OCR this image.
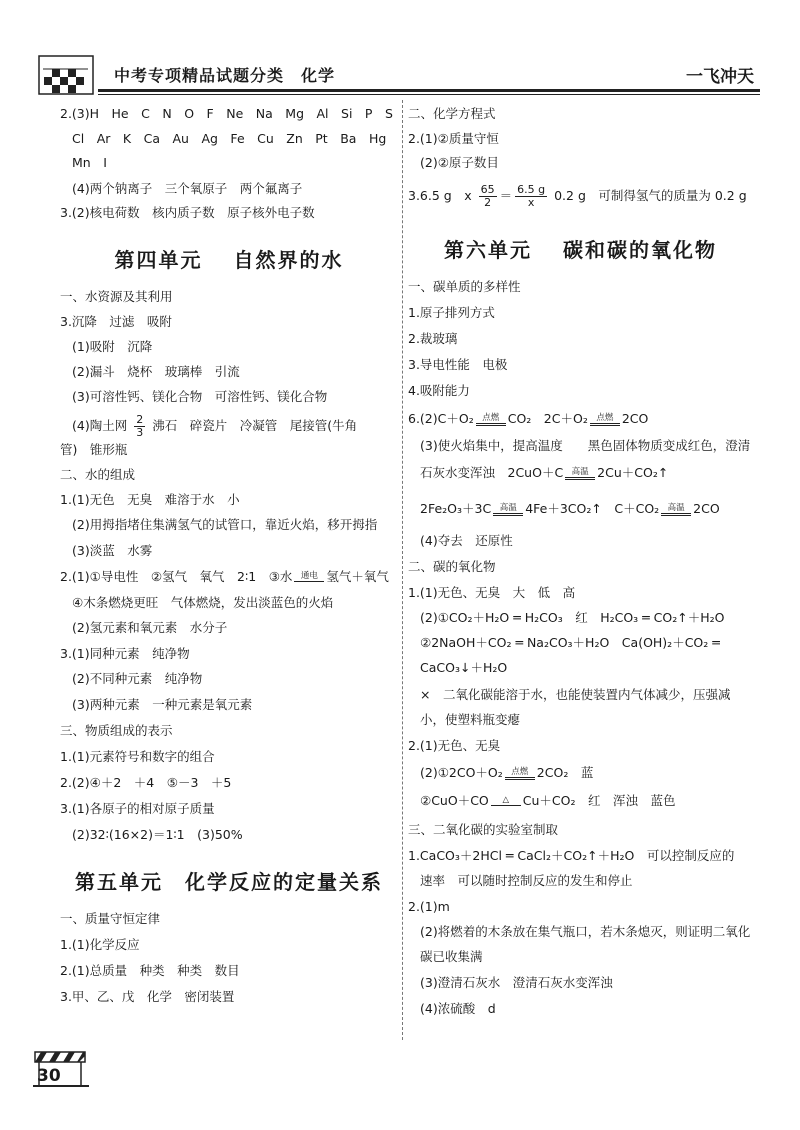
中考专项精品试题分类　化学	一飞冲天
2.(3)H　He　C　N　O　F　Ne　Na　Mg　Al　Si　P　S
Cl　Ar　K　Ca　Au　Ag　Fe　Cu　Zn　Pt　Ba　Hg
Mn　I
(4)两个钠离子　三个氧原子　两个氟离子
3.(2)核电荷数　核内质子数　原子核外电子数
第四单元　 自然界的水
一、水资源及其利用
3.沉降　过滤　吸附
(1)吸附　沉降
(2)漏斗　烧杯　玻璃棒　引流
(3)可溶性钙、镁化合物　可溶性钙、镁化合物
(4)陶土网 $\frac{2}{3}$ 沸石　碎瓷片　冷凝管　尾接管(牛角
管)　锥形瓶
二、水的组成
1.(1)无色　无臭　难溶于水　小
(2)用拇指堵住集满氢气的试管口，靠近火焰，移开拇指
(3)淡蓝　水雾
2.(1)①导电性　②氢气　氧气　2∶1　③水 通电 氢气＋氧气
④木条燃烧更旺　气体燃烧，发出淡蓝色的火焰
(2)氢元素和氧元素　水分子
3.(1)同种元素　纯净物
(2)不同种元素　纯净物
(3)两种元素　一种元素是氧元素
三、物质组成的表示
1.(1)元素符号和数字的组合
2.(2)④＋2　＋4　⑤－3　＋5
3.(1)各原子的相对原子质量
(2)32∶(16×2)＝1∶1　(3)50%
第五单元　化学反应的定量关系
一、质量守恒定律
1.(1)化学反应
2.(1)总质量　种类　种类　数目
3.甲、乙、戊　化学　密闭装置
二、化学方程式
2.(1)②质量守恒
(2)②原子数目
3.6.5 g　x $\frac{65}{2} = \frac{6.5 g}{x} 0.2$ g　可制得氢气的质量为 0.2 g
第六单元　 碳和碳的氧化物
一、碳单质的多样性
1.原子排列方式
2.裁玻璃
3.导电性能　电极
4.吸附能力
6.(2)C＋O₂ 点燃 CO₂　2C＋O₂ 点燃 2CO
(3)使火焰集中，提高温度　　黑色固体物质变成红色，澄清
石灰水变浑浊　2CuO＋C 高温 2Cu＋CO₂↑
2Fe₂O₃＋3C 高温 4Fe＋3CO₂↑　C＋CO₂ 高温 2CO
(4)夺去　还原性
二、碳的氧化物
1.(1)无色、无臭　大　低　高
(2)①CO₂＋H₂O ═ H₂CO₃　红　H₂CO₃ ═ CO₂↑＋H₂O
②2NaOH＋CO₂ ═ Na₂CO₃＋H₂O　Ca(OH)₂＋CO₂ ═
CaCO₃↓＋H₂O
×　二氧化碳能溶于水，也能使装置内气体减少，压强减
小，使塑料瓶变瘪
2.(1)无色、无臭
(2)①2CO＋O₂ 点燃 2CO₂　蓝
②CuO＋CO	△	Cu＋CO₂　红　浑浊　蓝色
三、二氧化碳的实验室制取
1.CaCO₃＋2HCl ═ CaCl₂＋CO₂↑＋H₂O　可以控制反应的
速率　可以随时控制反应的发生和停止
2.(1)m
(2)将燃着的木条放在集气瓶口，若木条熄灭，则证明二氧化
碳已收集满
(3)澄清石灰水　澄清石灰水变浑浊
(4)浓硫酸　d
30
